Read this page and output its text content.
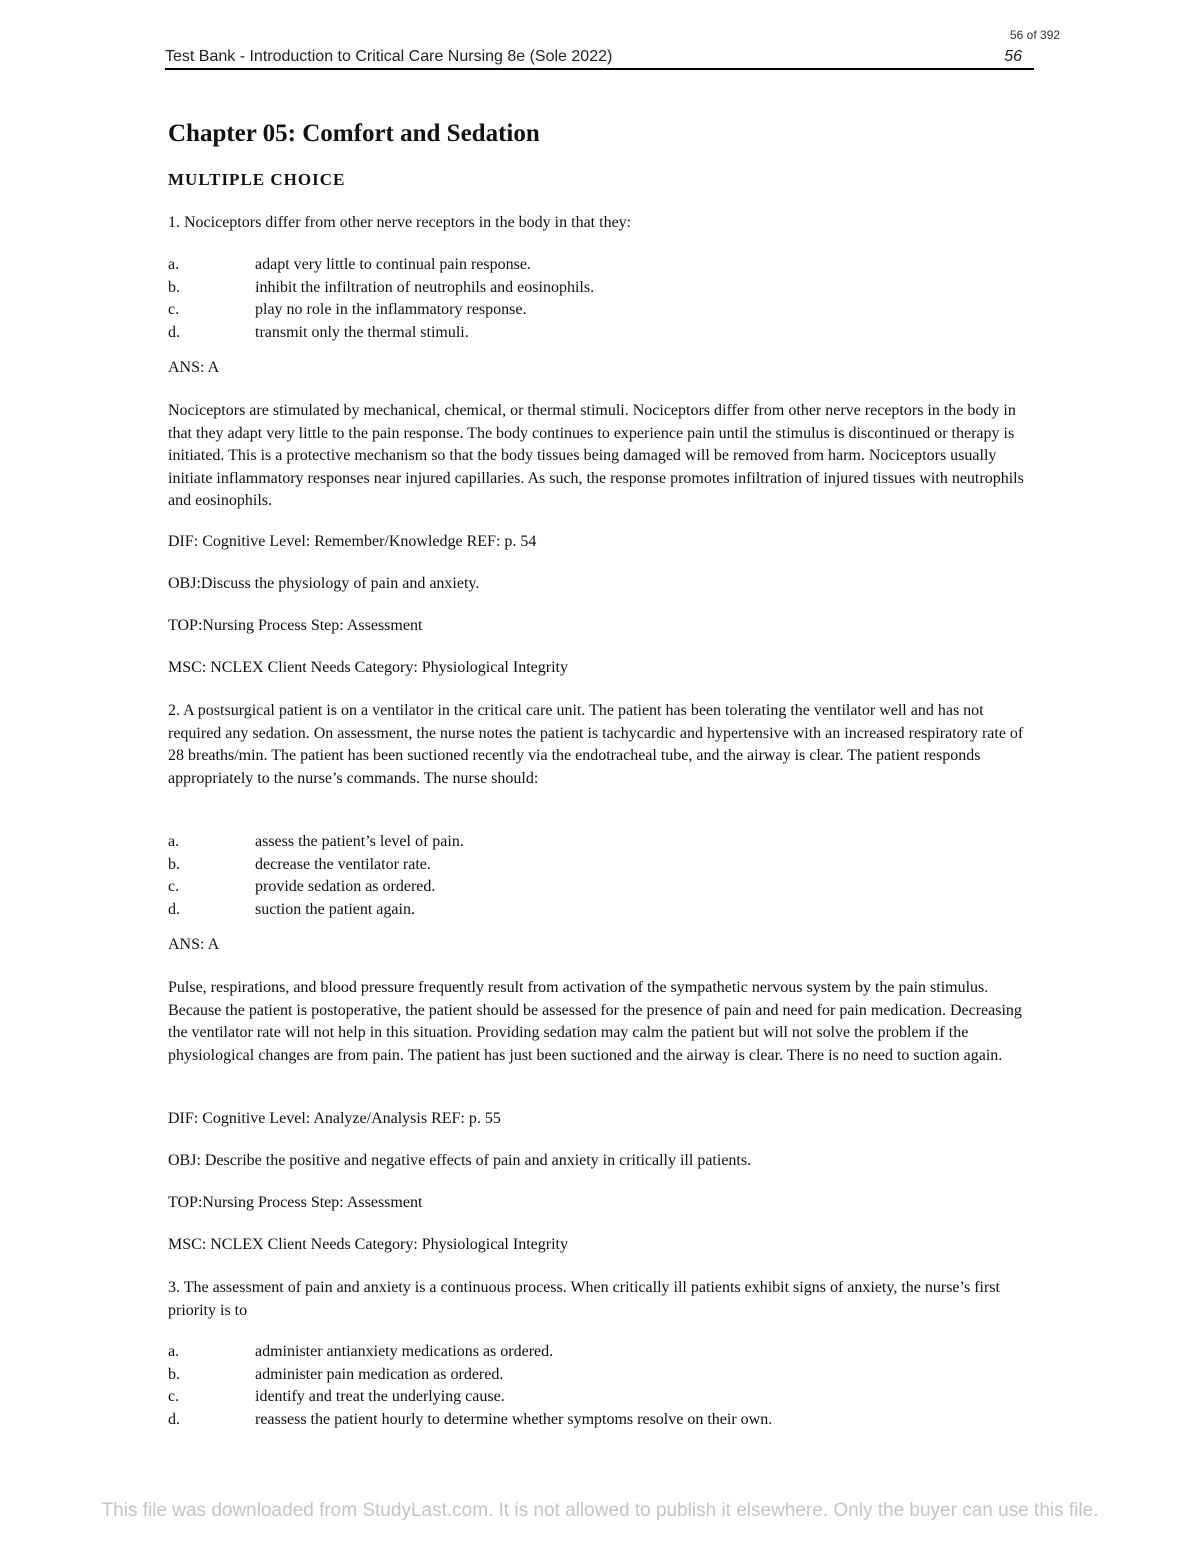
56 of 392
Test Bank - Introduction to Critical Care Nursing 8e (Sole 2022)	56
Chapter 05: Comfort and Sedation
MULTIPLE CHOICE
1. Nociceptors differ from other nerve receptors in the body in that they:
a.	adapt very little to continual pain response.
b.	inhibit the infiltration of neutrophils and eosinophils.
c.	play no role in the inflammatory response.
d.	transmit only the thermal stimuli.
ANS: A
Nociceptors are stimulated by mechanical, chemical, or thermal stimuli. Nociceptors differ from other nerve receptors in the body in that they adapt very little to the pain response. The body continues to experience pain until the stimulus is discontinued or therapy is initiated. This is a protective mechanism so that the body tissues being damaged will be removed from harm. Nociceptors usually initiate inflammatory responses near injured capillaries. As such, the response promotes infiltration of injured tissues with neutrophils and eosinophils.
DIF: Cognitive Level: Remember/Knowledge REF: p. 54
OBJ:Discuss the physiology of pain and anxiety.
TOP:Nursing Process Step: Assessment
MSC: NCLEX Client Needs Category: Physiological Integrity
2. A postsurgical patient is on a ventilator in the critical care unit. The patient has been tolerating the ventilator well and has not required any sedation. On assessment, the nurse notes the patient is tachycardic and hypertensive with an increased respiratory rate of 28 breaths/min. The patient has been suctioned recently via the endotracheal tube, and the airway is clear. The patient responds appropriately to the nurse’s commands. The nurse should:
a.	assess the patient’s level of pain.
b.	decrease the ventilator rate.
c.	provide sedation as ordered.
d.	suction the patient again.
ANS: A
Pulse, respirations, and blood pressure frequently result from activation of the sympathetic nervous system by the pain stimulus. Because the patient is postoperative, the patient should be assessed for the presence of pain and need for pain medication. Decreasing the ventilator rate will not help in this situation. Providing sedation may calm the patient but will not solve the problem if the physiological changes are from pain. The patient has just been suctioned and the airway is clear. There is no need to suction again.
DIF: Cognitive Level: Analyze/Analysis REF: p. 55
OBJ: Describe the positive and negative effects of pain and anxiety in critically ill patients.
TOP:Nursing Process Step: Assessment
MSC: NCLEX Client Needs Category: Physiological Integrity
3. The assessment of pain and anxiety is a continuous process. When critically ill patients exhibit signs of anxiety, the nurse’s first priority is to
a.	administer antianxiety medications as ordered.
b.	administer pain medication as ordered.
c.	identify and treat the underlying cause.
d.	reassess the patient hourly to determine whether symptoms resolve on their own.
This file was downloaded from StudyLast.com. It is not allowed to publish it elsewhere. Only the buyer can use this file.
